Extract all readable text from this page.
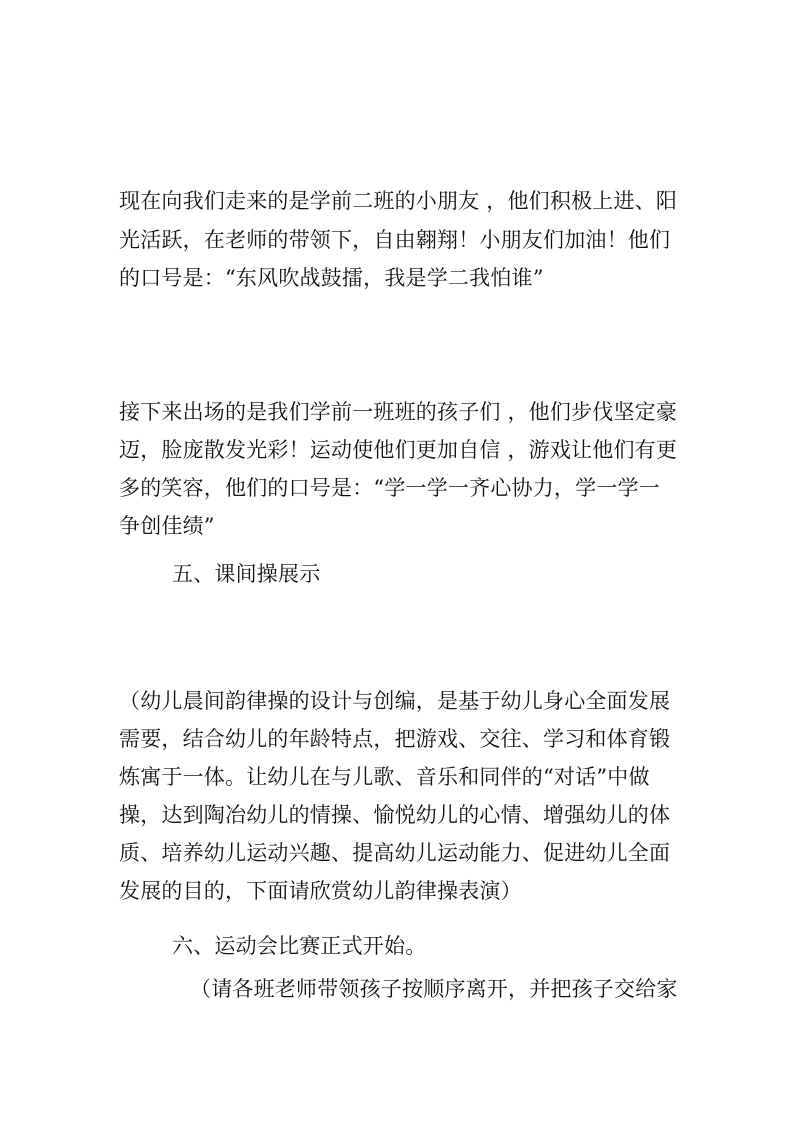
现在向我们走来的是学前二班的小朋友 ，他们积极上进、阳
光活跃，在老师的带领下，自由翱翔！小朋友们加油！他们
的口号是：“东风吹战鼓擂，我是学二我怕谁”
接下来出场的是我们学前一班班的孩子们 ，他们步伐坚定豪
迈，脸庞散发光彩！运动使他们更加自信 ，游戏让他们有更
多的笑容，他们的口号是：“学一学一齐心协力，学一学一
争创佳绩”
五、课间操展示
（幼儿晨间韵律操的设计与创编，是基于幼儿身心全面发展
需要，结合幼儿的年龄特点，把游戏、交往、学习和体育锻
炼寓于一体。让幼儿在与儿歌、音乐和同伴的“对话”中做
操，达到陶冶幼儿的情操、愉悦幼儿的心情、增强幼儿的体
质、培养幼儿运动兴趣、提高幼儿运动能力、促进幼儿全面
发展的目的，下面请欣赏幼儿韵律操表演）
六、运动会比赛正式开始。
（请各班老师带领孩子按顺序离开，并把孩子交给家
